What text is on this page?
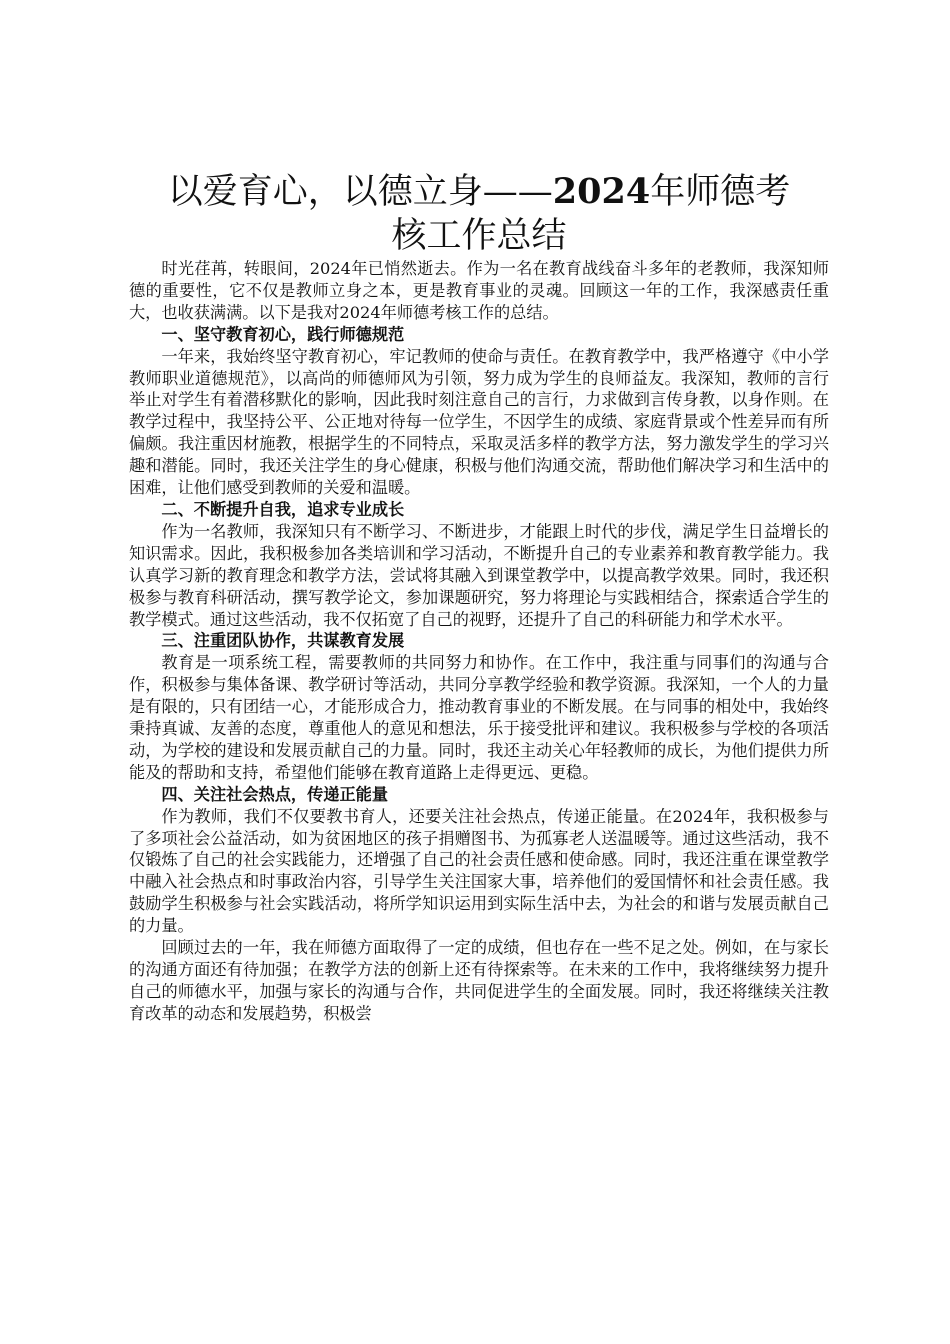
以爱育心，以德立身——2024年师德考核工作总结

时光荏苒，转眼间，2024年已悄然逝去。作为一名在教育战线奋斗多年的老教师，我深知师德的重要性，它不仅是教师立身之本，更是教育事业的灵魂。回顾这一年的工作，我深感责任重大，也收获满满。以下是我对2024年师德考核工作的总结。

一、坚守教育初心，践行师德规范

一年来，我始终坚守教育初心，牢记教师的使命与责任。在教育教学中，我严格遵守《中小学教师职业道德规范》，以高尚的师德师风为引领，努力成为学生的良师益友。我深知，教师的言行举止对学生有着潜移默化的影响，因此我时刻注意自己的言行，力求做到言传身教，以身作则。在教学过程中，我坚持公平、公正地对待每一位学生，不因学生的成绩、家庭背景或个性差异而有所偏颇。我注重因材施教，根据学生的不同特点，采取灵活多样的教学方法，努力激发学生的学习兴趣和潜能。同时，我还关注学生的身心健康，积极与他们沟通交流，帮助他们解决学习和生活中的困难，让他们感受到教师的关爱和温暖。

二、不断提升自我，追求专业成长

作为一名教师，我深知只有不断学习、不断进步，才能跟上时代的步伐，满足学生日益增长的知识需求。因此，我积极参加各类培训和学习活动，不断提升自己的专业素养和教育教学能力。我认真学习新的教育理念和教学方法，尝试将其融入到课堂教学中，以提高教学效果。同时，我还积极参与教育科研活动，撰写教学论文，参加课题研究，努力将理论与实践相结合，探索适合学生的教学模式。通过这些活动，我不仅拓宽了自己的视野，还提升了自己的科研能力和学术水平。

三、注重团队协作，共谋教育发展

教育是一项系统工程，需要教师的共同努力和协作。在工作中，我注重与同事们的沟通与合作，积极参与集体备课、教学研讨等活动，共同分享教学经验和教学资源。我深知，一个人的力量是有限的，只有团结一心，才能形成合力，推动教育事业的不断发展。在与同事的相处中，我始终秉持真诚、友善的态度，尊重他人的意见和想法，乐于接受批评和建议。我积极参与学校的各项活动，为学校的建设和发展贡献自己的力量。同时，我还主动关心年轻教师的成长，为他们提供力所能及的帮助和支持，希望他们能够在教育道路上走得更远、更稳。

四、关注社会热点，传递正能量

作为教师，我们不仅要教书育人，还要关注社会热点，传递正能量。在2024年，我积极参与了多项社会公益活动，如为贫困地区的孩子捐赠图书、为孤寡老人送温暖等。通过这些活动，我不仅锻炼了自己的社会实践能力，还增强了自己的社会责任感和使命感。同时，我还注重在课堂教学中融入社会热点和时事政治内容，引导学生关注国家大事，培养他们的爱国情怀和社会责任感。我鼓励学生积极参与社会实践活动，将所学知识运用到实际生活中去，为社会的和谐与发展贡献自己的力量。

回顾过去的一年，我在师德方面取得了一定的成绩，但也存在一些不足之处。例如，在与家长的沟通方面还有待加强；在教学方法的创新上还有待探索等。在未来的工作中，我将继续努力提升自己的师德水平，加强与家长的沟通与合作，共同促进学生的全面发展。同时，我还将继续关注教育改革的动态和发展趋势，积极尝
